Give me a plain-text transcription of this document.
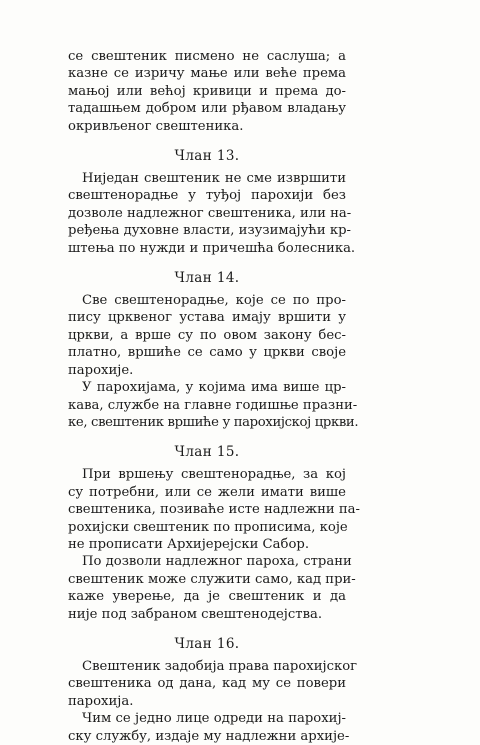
се свештеник писмено не саслуша; а
казне се изричу мање или веће према
мањој или већој кривици и према до-
тадашњем добром или рђавом владању
окривљеног свештеника.
Члан 13.
Ниједан свештеник не сме извршити
свештенорадње у туђој парохији без
дозволе надлежног свештеника, или на-
ређења духовне власти, изузимајући кр-
штења по нужди и причешћа болесника.
Члан 14.
Све свештенорадње, које се по про-
пису црквеног устава имају вршити у
цркви, а врше су по овом закону бес-
платно, вршиће се само у цркви своје
парохије.
У парохијама, у којима има више цр-
кава, службе на главне годишње празни-
ке, свештеник вршиће у парохијској цркви.
Члан 15.
При вршењу свештенорадње, за кој
су потребни, или се жели имати више
свештеника, позиваће исте надлежни па-
рохијски свештеник по прописима, које
не прописати Архијерејски Сабор.
По дозволи надлежног пароха, страни
свештеник може служити само, кад при-
каже уверење, да је свештеник и да
није под забраном свештенодејства.
Члан 16.
Свештеник задобија права парохијског
свештеника од дана, кад му се повери
парохија.
Чим се једно лице одреди на парохиј-
ску службу, издаје му надлежни архије-
